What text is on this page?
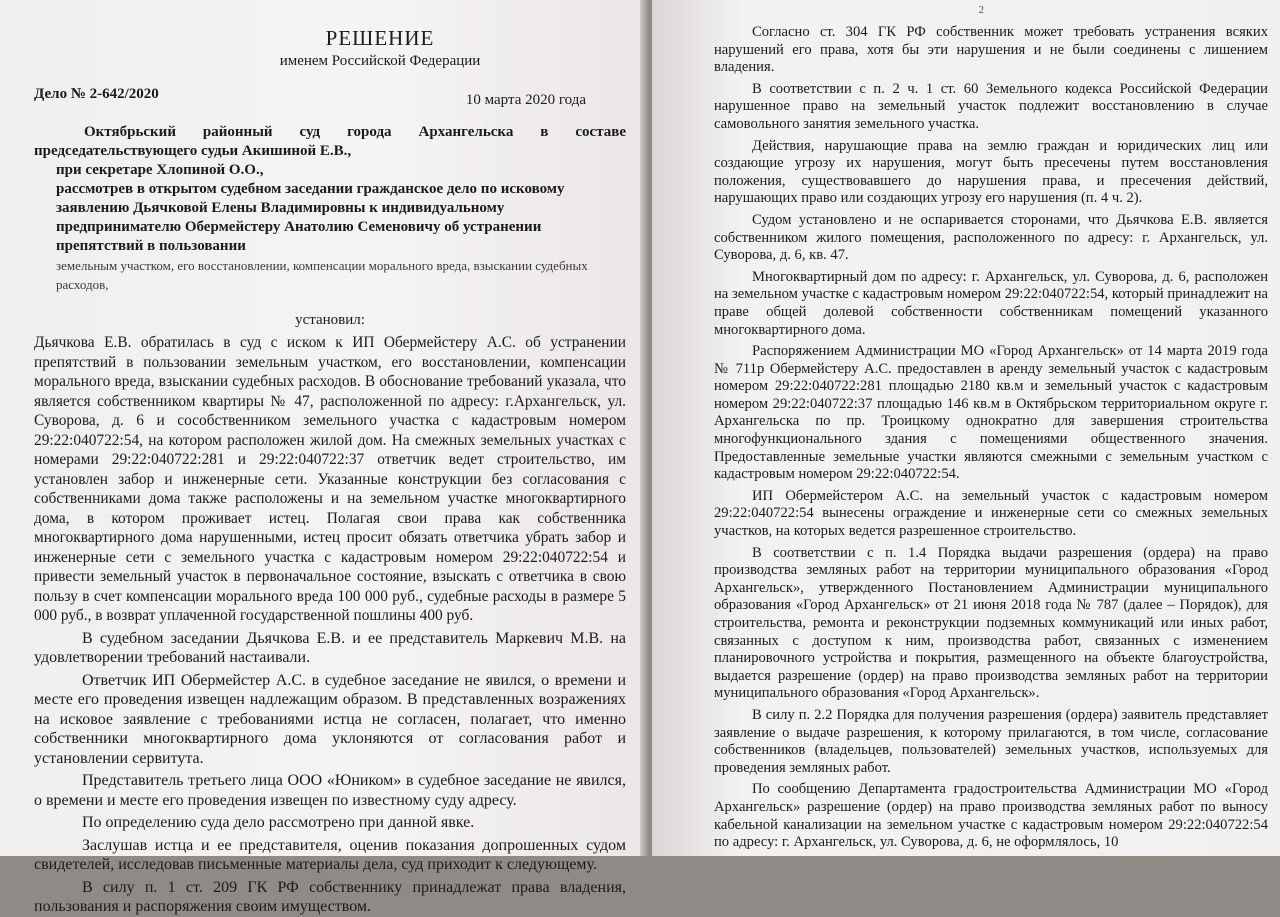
РЕШЕНИЕ
именем Российской Федерации
Дело № 2-642/2020	10 марта 2020 года

Октябрьский районный суд города Архангельска в составе председательствующего судьи Акишиной Е.В.,

при секретаре Хлопиной О.О.,

рассмотрев в открытом судебном заседании гражданское дело по исковому заявлению Дьячковой Елены Владимировны к индивидуальному предпринимателю Обермейстеру Анатолию Семеновичу об устранении препятствий в пользовании

земельным участком, его восстановлении, компенсации морального вреда, взыскании судебных расходов,

установил:

Дьячкова Е.В. обратилась в суд с иском к ИП Обермейстеру А.С. об устранении препятствий в пользовании земельным участком, его восстановлении, компенсации морального вреда, взыскании судебных расходов. В обоснование требований указала, что является собственником квартиры № 47, расположенной по адресу: г.Архангельск, ул. Суворова, д. 6 и сособственником земельного участка с кадастровым номером 29:22:040722:54, на котором расположен жилой дом. На смежных земельных участках с номерами 29:22:040722:281 и 29:22:040722:37 ответчик ведет строительство, им установлен забор и инженерные сети. Указанные конструкции без согласования с собственниками дома также расположены и на земельном участке многоквартирного дома, в котором проживает истец. Полагая свои права как собственника многоквартирного дома нарушенными, истец просит обязать ответчика убрать забор и инженерные сети с земельного участка с кадастровым номером 29:22:040722:54 и привести земельный участок в первоначальное состояние, взыскать с ответчика в свою пользу в счет компенсации морального вреда 100 000 руб., судебные расходы в размере 5 000 руб., в возврат уплаченной государственной пошлины 400 руб.

В судебном заседании Дьячкова Е.В. и ее представитель Маркевич М.В. на удовлетворении требований настаивали.

Ответчик ИП Обермейстер А.С. в судебное заседание не явился, о времени и месте его проведения извещен надлежащим образом. В представленных возражениях на исковое заявление с требованиями истца не согласен, полагает, что именно собственники многоквартирного дома уклоняются от согласования работ и установлении сервитута.

Представитель третьего лица ООО «Юником» в судебное заседание не явился, о времени и месте его проведения извещен по известному суду адресу.

По определению суда дело рассмотрено при данной явке.

Заслушав истца и ее представителя, оценив показания допрошенных судом свидетелей, исследовав письменные материалы дела, суд приходит к следующему.

В силу п. 1 ст. 209 ГК РФ собственнику принадлежат права владения, пользования и распоряжения своим имуществом.

2

Согласно ст. 304 ГК РФ собственник может требовать устранения всяких нарушений его права, хотя бы эти нарушения и не были соединены с лишением владения.

В соответствии с п. 2 ч. 1 ст. 60 Земельного кодекса Российской Федерации нарушенное право на земельный участок подлежит восстановлению в случае самовольного занятия земельного участка.

Действия, нарушающие права на землю граждан и юридических лиц или создающие угрозу их нарушения, могут быть пресечены путем восстановления положения, существовавшего до нарушения права, и пресечения действий, нарушающих право или создающих угрозу его нарушения (п. 4 ч. 2).

Судом установлено и не оспаривается сторонами, что Дьячкова Е.В. является собственником жилого помещения, расположенного по адресу: г. Архангельск, ул. Суворова, д. 6, кв. 47.

Многоквартирный дом по адресу: г. Архангельск, ул. Суворова, д. 6, расположен на земельном участке с кадастровым номером 29:22:040722:54, который принадлежит на праве общей долевой собственности собственникам помещений указанного многоквартирного дома.

Распоряжением Администрации МО «Город Архангельск» от 14 марта 2019 года № 711р Обермейстеру А.С. предоставлен в аренду земельный участок с кадастровым номером 29:22:040722:281 площадью 2180 кв.м и земельный участок с кадастровым номером 29:22:040722:37 площадью 146 кв.м в Октябрьском территориальном округе г. Архангельска по пр. Троицкому однократно для завершения строительства многофункционального здания с помещениями общественного значения. Предоставленные земельные участки являются смежными с земельным участком с кадастровым номером 29:22:040722:54.

ИП Обермейстером А.С. на земельный участок с кадастровым номером 29:22:040722:54 вынесены ограждение и инженерные сети со смежных земельных участков, на которых ведется разрешенное строительство.

В соответствии с п. 1.4 Порядка выдачи разрешения (ордера) на право производства земляных работ на территории муниципального образования «Город Архангельск», утвержденного Постановлением Администрации муниципального образования «Город Архангельск» от 21 июня 2018 года № 787 (далее – Порядок), для строительства, ремонта и реконструкции подземных коммуникаций или иных работ, связанных с доступом к ним, производства работ, связанных с изменением планировочного устройства и покрытия, размещенного на объекте благоустройства, выдается разрешение (ордер) на право производства земляных работ на территории муниципального образования «Город Архангельск».

В силу п. 2.2 Порядка для получения разрешения (ордера) заявитель представляет заявление о выдаче разрешения, к которому прилагаются, в том числе, согласование собственников (владельцев, пользователей) земельных участков, используемых для проведения земляных работ.

По сообщению Департамента градостроительства Администрации МО «Город Архангельск» разрешение (ордер) на право производства земляных работ по выносу кабельной канализации на земельном участке с кадастровым номером 29:22:040722:54 по адресу: г. Архангельск, ул. Суворова, д. 6, не оформлялось, 10
